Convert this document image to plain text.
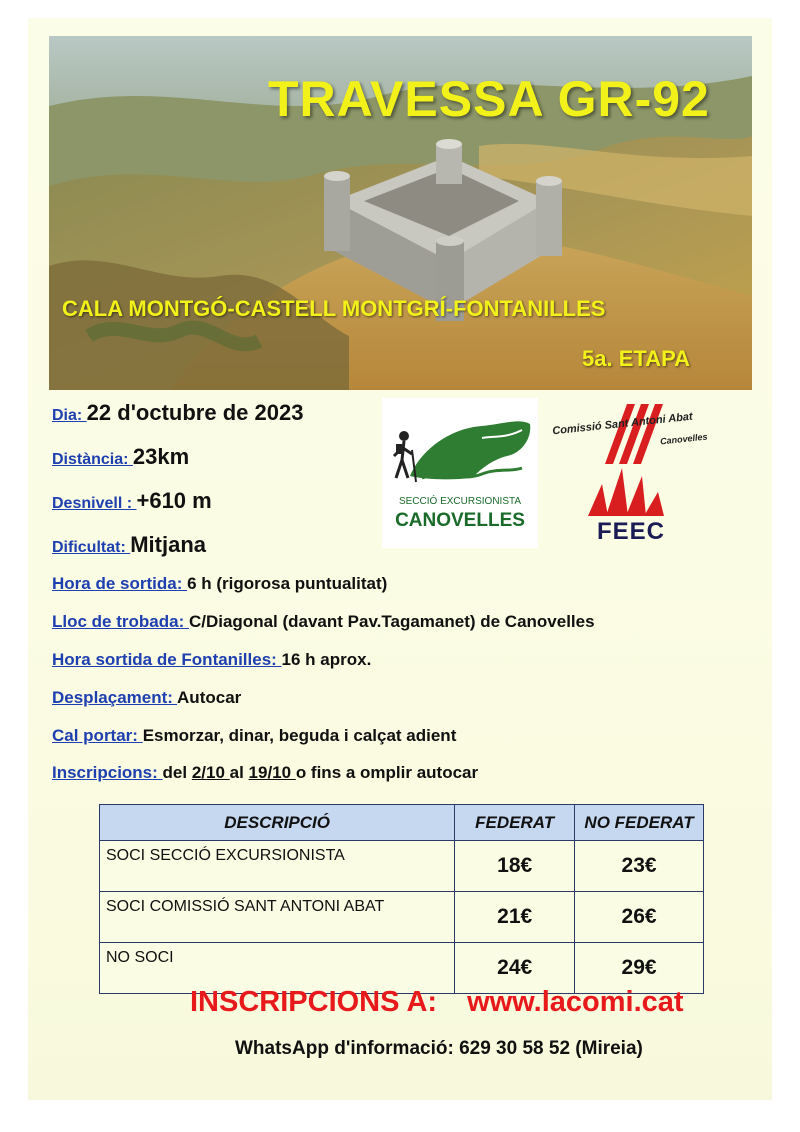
TRAVESSA GR-92
CALA MONTGÓ-CASTELL MONTGRÍ-FONTANILLES
5a. ETAPA
Dia: 22 d'octubre de 2023
Distància: 23km
Desnivell : +610 m
Dificultat: Mitjana
Hora de sortida: 6 h (rigorosa puntualitat)
Lloc de trobada: C/Diagonal (davant Pav.Tagamanet) de Canovelles
Hora sortida de Fontanilles: 16 h aprox.
Desplaçament: Autocar
Cal portar: Esmorzar, dinar, beguda i calçat adient
Inscripcions: del 2/10 al 19/10 o fins a omplir autocar
SECCIÓ EXCURSIONISTA
CANOVELLES
Comissió Sant Antoni Abat
Canovelles
FEEC
DESCRIPCIÓ	FEDERAT	NO FEDERAT
SOCI SECCIÓ EXCURSIONISTA	18€	23€
SOCI COMISSIÓ SANT ANTONI ABAT	21€	26€
NO SOCI	24€	29€
INSCRIPCIONS A: www.lacomi.cat
WhatsApp d'informació: 629 30 58 52 (Mireia)
